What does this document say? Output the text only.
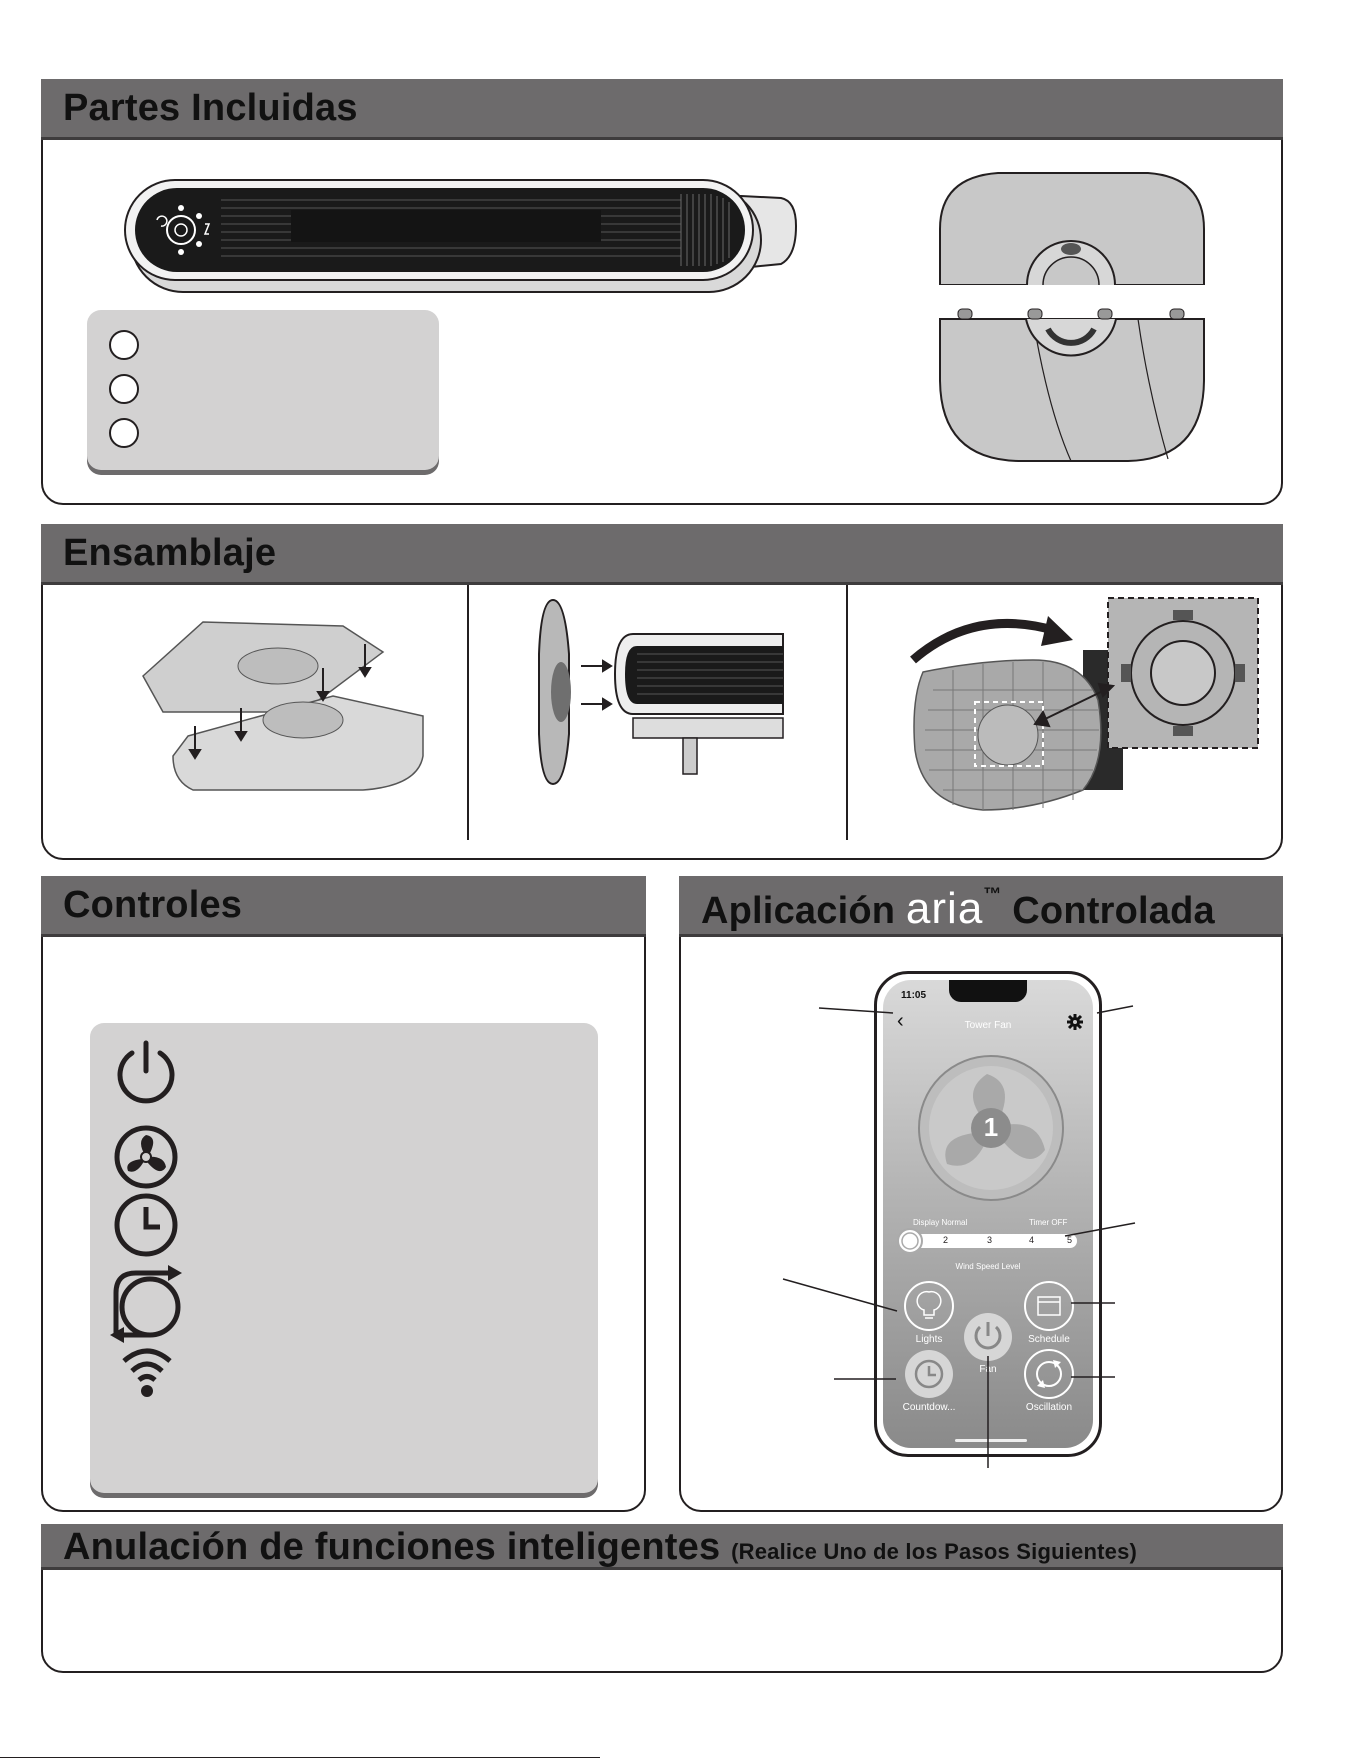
Partes Incluidas
Ensamblaje
Controles	Aplicación aria™ Controlada
11:05
‹	Tower Fan
1
Display Normal	Timer OFF
2	3	4	5
Wind Speed Level
Lights	Schedule
Fan
Countdow...	Oscillation
Anulación de funciones inteligentes (Realice Uno de los Pasos Siguientes)
